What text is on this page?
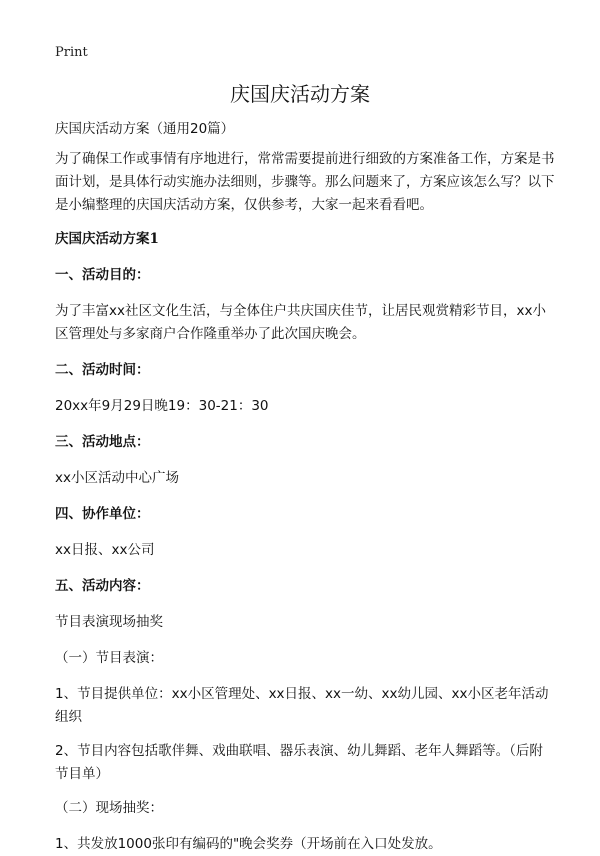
Print
庆国庆活动方案

庆国庆活动方案（通用20篇）

为了确保工作或事情有序地进行，常常需要提前进行细致的方案准备工作，方案是书面计划，是具体行动实施办法细则，步骤等。那么问题来了，方案应该怎么写？以下是小编整理的庆国庆活动方案，仅供参考，大家一起来看看吧。

庆国庆活动方案1

一、活动目的：

为了丰富xx社区文化生活，与全体住户共庆国庆佳节，让居民观赏精彩节目，xx小区管理处与多家商户合作隆重举办了此次国庆晚会。

二、活动时间：

20xx年9月29日晚19：30-21：30

三、活动地点：

xx小区活动中心广场

四、协作单位：

xx日报、xx公司

五、活动内容：

节目表演现场抽奖

（一）节目表演：

1、节目提供单位：xx小区管理处、xx日报、xx一幼、xx幼儿园、xx小区老年活动组织

2、节目内容包括歌伴舞、戏曲联唱、器乐表演、幼儿舞蹈、老年人舞蹈等。（后附节目单）

（二）现场抽奖：

1、共发放1000张印有编码的"晚会奖券（开场前在入口处发放。
